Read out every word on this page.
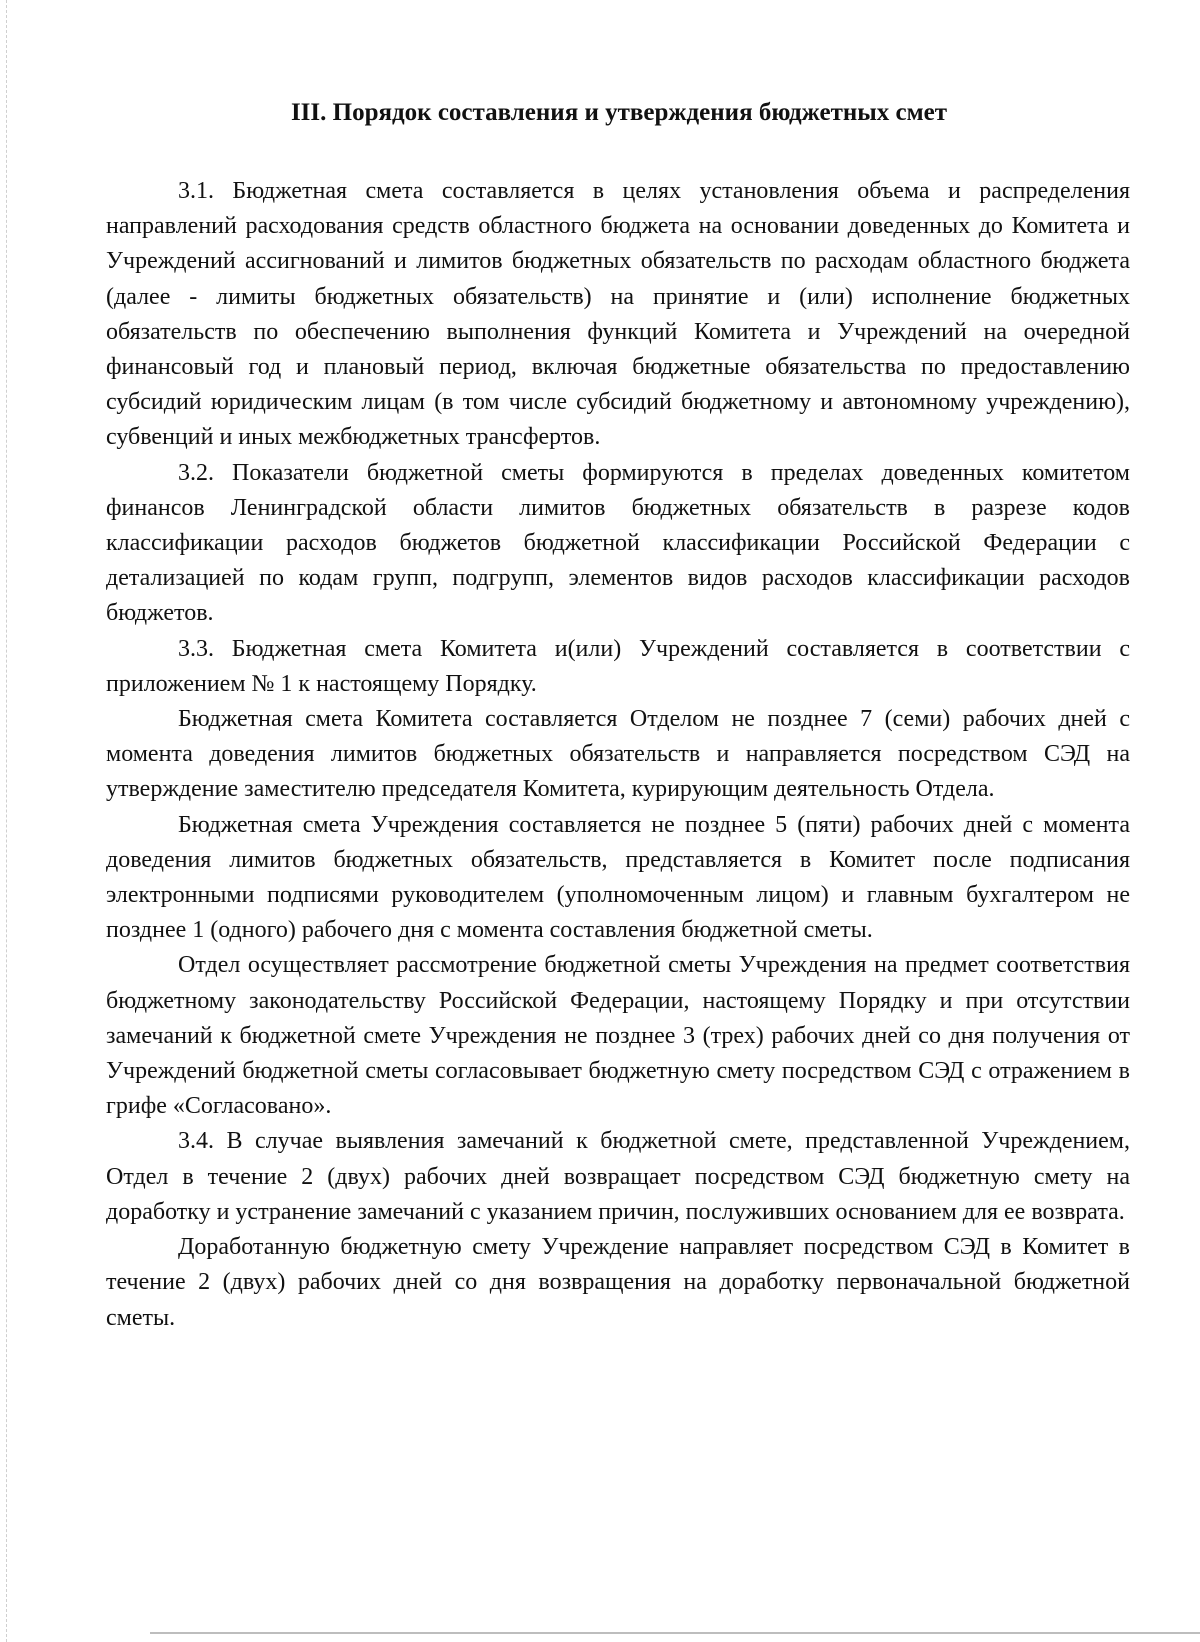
III. Порядок составления и утверждения бюджетных смет

3.1. Бюджетная смета составляется в целях установления объема и распределения направлений расходования средств областного бюджета на основании доведенных до Комитета и Учреждений ассигнований и лимитов бюджетных обязательств по расходам областного бюджета (далее - лимиты бюджетных обязательств) на принятие и (или) исполнение бюджетных обязательств по обеспечению выполнения функций Комитета и Учреждений на очередной финансовый год и плановый период, включая бюджетные обязательства по предоставлению субсидий юридическим лицам (в том числе субсидий бюджетному и автономному учреждению), субвенций и иных межбюджетных трансфертов.

3.2. Показатели бюджетной сметы формируются в пределах доведенных комитетом финансов Ленинградской области лимитов бюджетных обязательств в разрезе кодов классификации расходов бюджетов бюджетной классификации Российской Федерации с детализацией по кодам групп, подгрупп, элементов видов расходов классификации расходов бюджетов.

3.3. Бюджетная смета Комитета и(или) Учреждений составляется в соответствии с приложением № 1 к настоящему Порядку.

Бюджетная смета Комитета составляется Отделом не позднее 7 (семи) рабочих дней с момента доведения лимитов бюджетных обязательств и направляется посредством СЭД на утверждение заместителю председателя Комитета, курирующим деятельность Отдела.

Бюджетная смета Учреждения составляется не позднее 5 (пяти) рабочих дней с момента доведения лимитов бюджетных обязательств, представляется в Комитет после подписания электронными подписями руководителем (уполномоченным лицом) и главным бухгалтером не позднее 1 (одного) рабочего дня с момента составления бюджетной сметы.

Отдел осуществляет рассмотрение бюджетной сметы Учреждения на предмет соответствия бюджетному законодательству Российской Федерации, настоящему Порядку и при отсутствии замечаний к бюджетной смете Учреждения не позднее 3 (трех) рабочих дней со дня получения от Учреждений бюджетной сметы согласовывает бюджетную смету посредством СЭД с отражением в грифе «Согласовано».

3.4. В случае выявления замечаний к бюджетной смете, представленной Учреждением, Отдел в течение 2 (двух) рабочих дней возвращает посредством СЭД бюджетную смету на доработку и устранение замечаний с указанием причин, послуживших основанием для ее возврата.

Доработанную бюджетную смету Учреждение направляет посредством СЭД в Комитет в течение 2 (двух) рабочих дней со дня возвращения на доработку первоначальной бюджетной сметы.
